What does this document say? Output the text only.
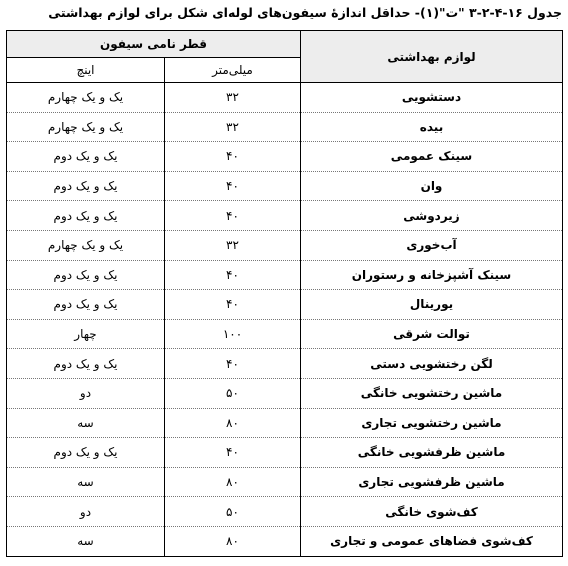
جدول ۱۶-۴-۲-۳ "ت"(۱)- حداقل اندازهٔ سیفون‌های لوله‌ای شکل برای لوازم بهداشتی
لوازم بهداشتی	قطر نامی سیفون	
	میلی‌متر	اینچ
دستشویی	۳۲	یک و یک چهارم
بیده	۳۲	یک و یک چهارم
سینک عمومی	۴۰	یک و یک دوم
وان	۴۰	یک و یک دوم
زیردوشی	۴۰	یک و یک دوم
آب‌خوری	۳۲	یک و یک چهارم
سینک آشپزخانه و رستوران	۴۰	یک و یک دوم
یورینال	۴۰	یک و یک دوم
توالت شرقی	۱۰۰	چهار
لگن رختشویی دستی	۴۰	یک و یک دوم
ماشین رختشویی خانگی	۵۰	دو
ماشین رختشویی تجاری	۸۰	سه
ماشین ظرفشویی خانگی	۴۰	یک و یک دوم
ماشین ظرفشویی تجاری	۸۰	سه
کف‌شوی خانگی	۵۰	دو
کف‌شوی فضاهای عمومی و تجاری	۸۰	سه
